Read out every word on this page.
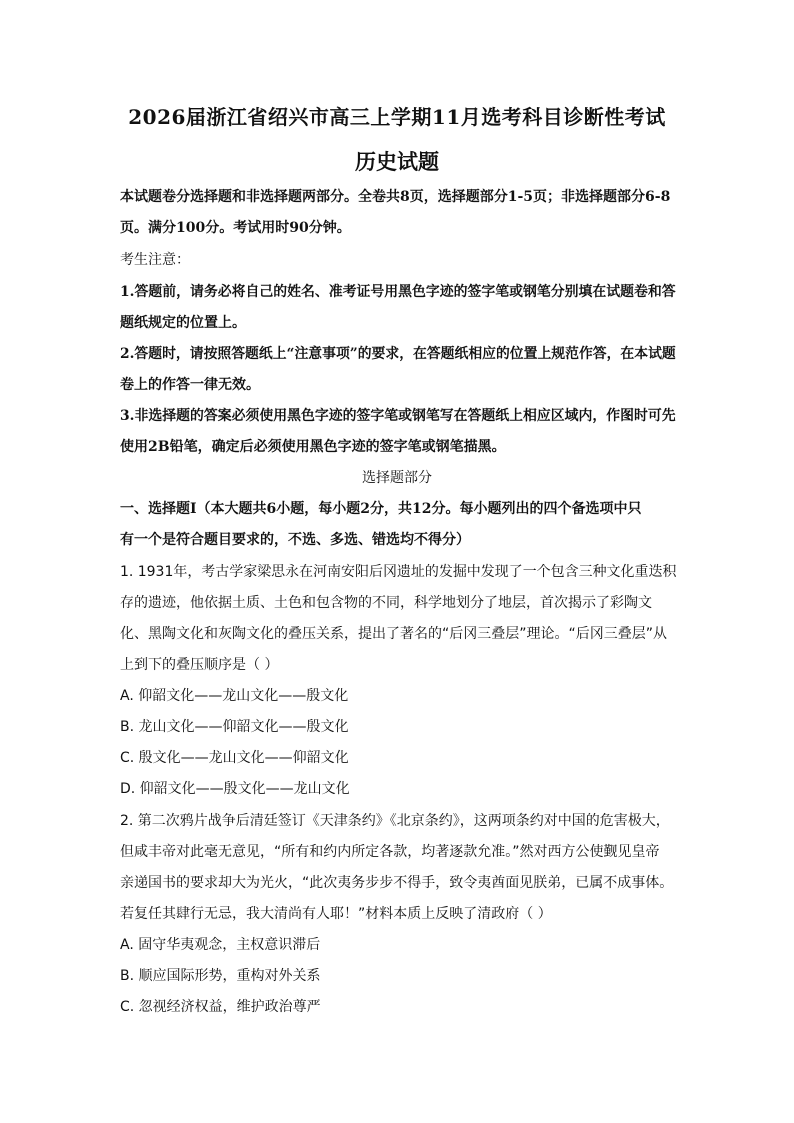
2026届浙江省绍兴市高三上学期11月选考科目诊断性考试
历史试题
本试题卷分选择题和非选择题两部分。全卷共8页，选择题部分1-5页；非选择题部分6-8
页。满分100分。考试用时90分钟。
考生注意：
1.答题前，请务必将自己的姓名、准考证号用黑色字迹的签字笔或钢笔分别填在试题卷和答
题纸规定的位置上。
2.答题时，请按照答题纸上“注意事项”的要求，在答题纸相应的位置上规范作答，在本试题
卷上的作答一律无效。
3.非选择题的答案必须使用黑色字迹的签字笔或钢笔写在答题纸上相应区域内，作图时可先
使用2B铅笔，确定后必须使用黑色字迹的签字笔或钢笔描黑。
选择题部分
一、选择题Ⅰ（本大题共6小题，每小题2分，共12分。每小题列出的四个备选项中只
有一个是符合题目要求的，不选、多选、错选均不得分）
1. 1931年，考古学家梁思永在河南安阳后冈遗址的发掘中发现了一个包含三种文化重迭积
存的遗迹，他依据土质、土色和包含物的不同，科学地划分了地层，首次揭示了彩陶文
化、黑陶文化和灰陶文化的叠压关系，提出了著名的“后冈三叠层”理论。“后冈三叠层”从
上到下的叠压顺序是（ ）
A. 仰韶文化——龙山文化——殷文化
B. 龙山文化——仰韶文化——殷文化
C. 殷文化——龙山文化——仰韶文化
D. 仰韶文化——殷文化——龙山文化
2. 第二次鸦片战争后清廷签订《天津条约》《北京条约》，这两项条约对中国的危害极大，
但咸丰帝对此毫无意见，“所有和约内所定各款，均著逐款允准。”然对西方公使觐见皇帝
亲递国书的要求却大为光火，“此次夷务步步不得手，致令夷酋面见朕弟，已属不成事体。
若复任其肆行无忌，我大清尚有人耶！”材料本质上反映了清政府（ ）
A. 固守华夷观念，主权意识滞后
B. 顺应国际形势，重构对外关系
C. 忽视经济权益，维护政治尊严
